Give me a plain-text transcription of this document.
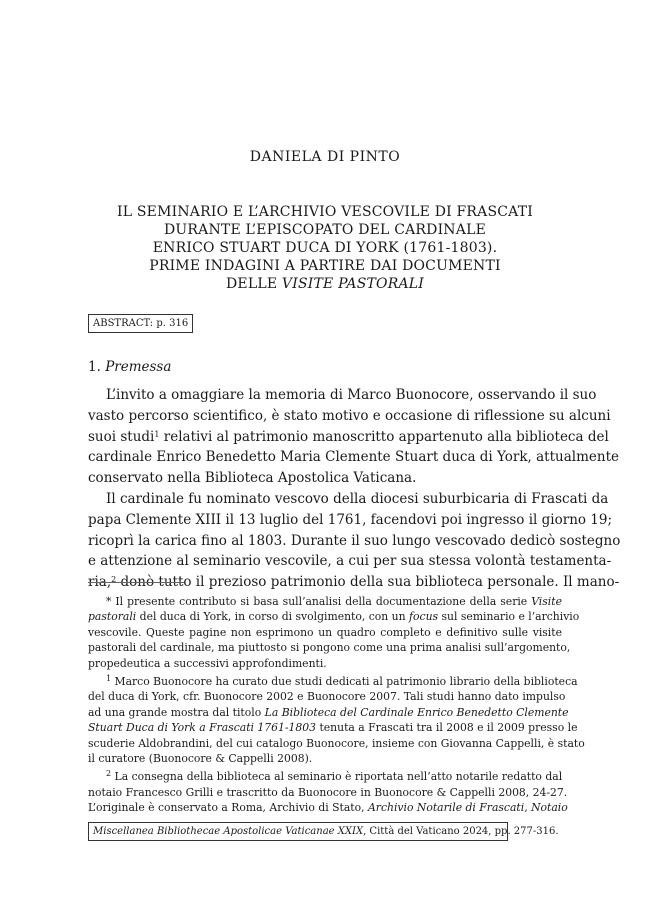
DANIELA DI PINTO
IL SEMINARIO E L’ARCHIVIO VESCOVILE DI FRASCATI
DURANTE L’EPISCOPATO DEL CARDINALE
ENRICO STUART DUCA DI YORK (1761-1803).
PRIME INDAGINI A PARTIRE DAI DOCUMENTI
DELLE VISITE PASTORALI
ABSTRACT: p. 316
1. Premessa
L’invito a omaggiare la memoria di Marco Buonocore, osservando il suo
vasto percorso scientifico, è stato motivo e occasione di riflessione su alcuni
suoi studi$^1$ relativi al patrimonio manoscritto appartenuto alla biblioteca del
cardinale Enrico Benedetto Maria Clemente Stuart duca di York, attualmente
conservato nella Biblioteca Apostolica Vaticana.
Il cardinale fu nominato vescovo della diocesi suburbicaria di Frascati da
papa Clemente XIII il 13 luglio del 1761, facendovi poi ingresso il giorno 19;
ricoprì la carica fino al 1803. Durante il suo lungo vescovado dedicò sostegno
e attenzione al seminario vescovile, a cui per sua stessa volontà testamenta-
ria,$^2$ donò tutto il prezioso patrimonio della sua biblioteca personale. Il mano-
* Il presente contributo si basa sull’analisi della documentazione della serie Visite
pastorali del duca di York, in corso di svolgimento, con un focus sul seminario e l’archivio
vescovile. Queste pagine non esprimono un quadro completo e definitivo sulle visite
pastorali del cardinale, ma piuttosto si pongono come una prima analisi sull’argomento,
propedeutica a successivi approfondimenti.
$^1$ Marco Buonocore ha curato due studi dedicati al patrimonio librario della biblioteca
del duca di York, cfr. Buonocore 2002 e Buonocore 2007. Tali studi hanno dato impulso
ad una grande mostra dal titolo La Biblioteca del Cardinale Enrico Benedetto Clemente
Stuart Duca di York a Frascati 1761-1803 tenuta a Frascati tra il 2008 e il 2009 presso le
scuderie Aldobrandini, del cui catalogo Buonocore, insieme con Giovanna Cappelli, è stato
il curatore (Buonocore & Cappelli 2008).
$^2$ La consegna della biblioteca al seminario è riportata nell’atto notarile redatto dal
notaio Francesco Grilli e trascritto da Buonocore in Buonocore & Cappelli 2008, 24-27.
L’originale è conservato a Roma, Archivio di Stato, Archivio Notarile di Frascati, Notaio
Miscellanea Bibliothecae Apostolicae Vaticanae XXIX, Città del Vaticano 2024, pp. 277-316.
